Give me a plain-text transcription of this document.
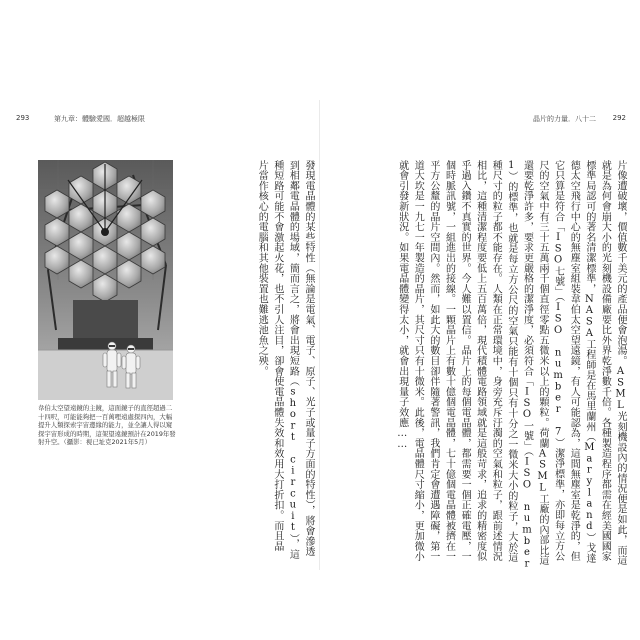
293	第九章：體驗愛國．超越極限	晶片的力量．八十二 292
韋伯太空望遠鏡的主鏡，這面鏡子的直徑超過二十四呎，可能能夠把一百萬哩遠處探四內，大幅提升人類探索宇宙邊緣的能力，並全讓人得以窺探宇宙形成的時期，這架望遠鏡預計在2019年發射升空。（攝影：視已址克2021年5月）	發現電晶體的某些特性（無論是電氣、電子、原子、光子或量子方面的特性），將會滲透到相鄰電晶體的場域，簡而言之，將會出現短路（short circuit），這種短路可能不會激起火花，也不引人注目，卻會使電晶體失效和效用大打折扣。而且晶片當作核心的電腦和其他裝置也難逃池魚之殃。	片像遭破壞，價值數千美元的產品便會泡湯。ASML光刻機設內的情況便是如此，而這就是為何會崩大小的光刻機設備廠要比外界乾淨數千倍。各種製造程序都需在經美國國家標準局認可的著名清潔標準，NASA工程師是在馬里蘭州（Maryland）戈達德太空飛行中心的無塵室組裝韋伯太空望遠鏡，有人可能認為，這間無塵室是乾淨的，但它只算是符合「ISO七號」（ISO number 7）潔淨標準，亦即每立方公尺的空氣中有三十五萬兩千個直徑零點五微米以上的顆粒。荷蘭ASML工廠的內部比這還要乾淨許多，要求更嚴格的潔淨度，必須符合「ISO一號」（ISO number 1）的標準，也就是每立方公尺的空氣只能有十個只有十分之一微米大小的粒子，大於這種尺寸的粒子都不能存在。人類在正常環境中，身旁充斥汙濁的空氣和粒子，跟前述情況相比，這種清潔程度要低上五百萬倍，現代積體電路領域就是這般苛求，追求的精密度似乎過入鑽不真實的世界。今人難以置信。晶片上的每個電晶體，都需要一個正確電壓，一個時脈訊號，一組進出的接線。一顆晶片上有數十億個電晶體，七十億個電晶體被擠在一平方公釐的晶片空間內。然而，如此大的數目卻伴隨著警訊，我們肯定會遭遇障礙，第一道大坎是一九七一年製造的晶片，其尺寸只有十微米。此後，電晶體尺寸縮小，更加微小就會引發新狀況。如果電晶體變得太小，就會出現量子效應……
